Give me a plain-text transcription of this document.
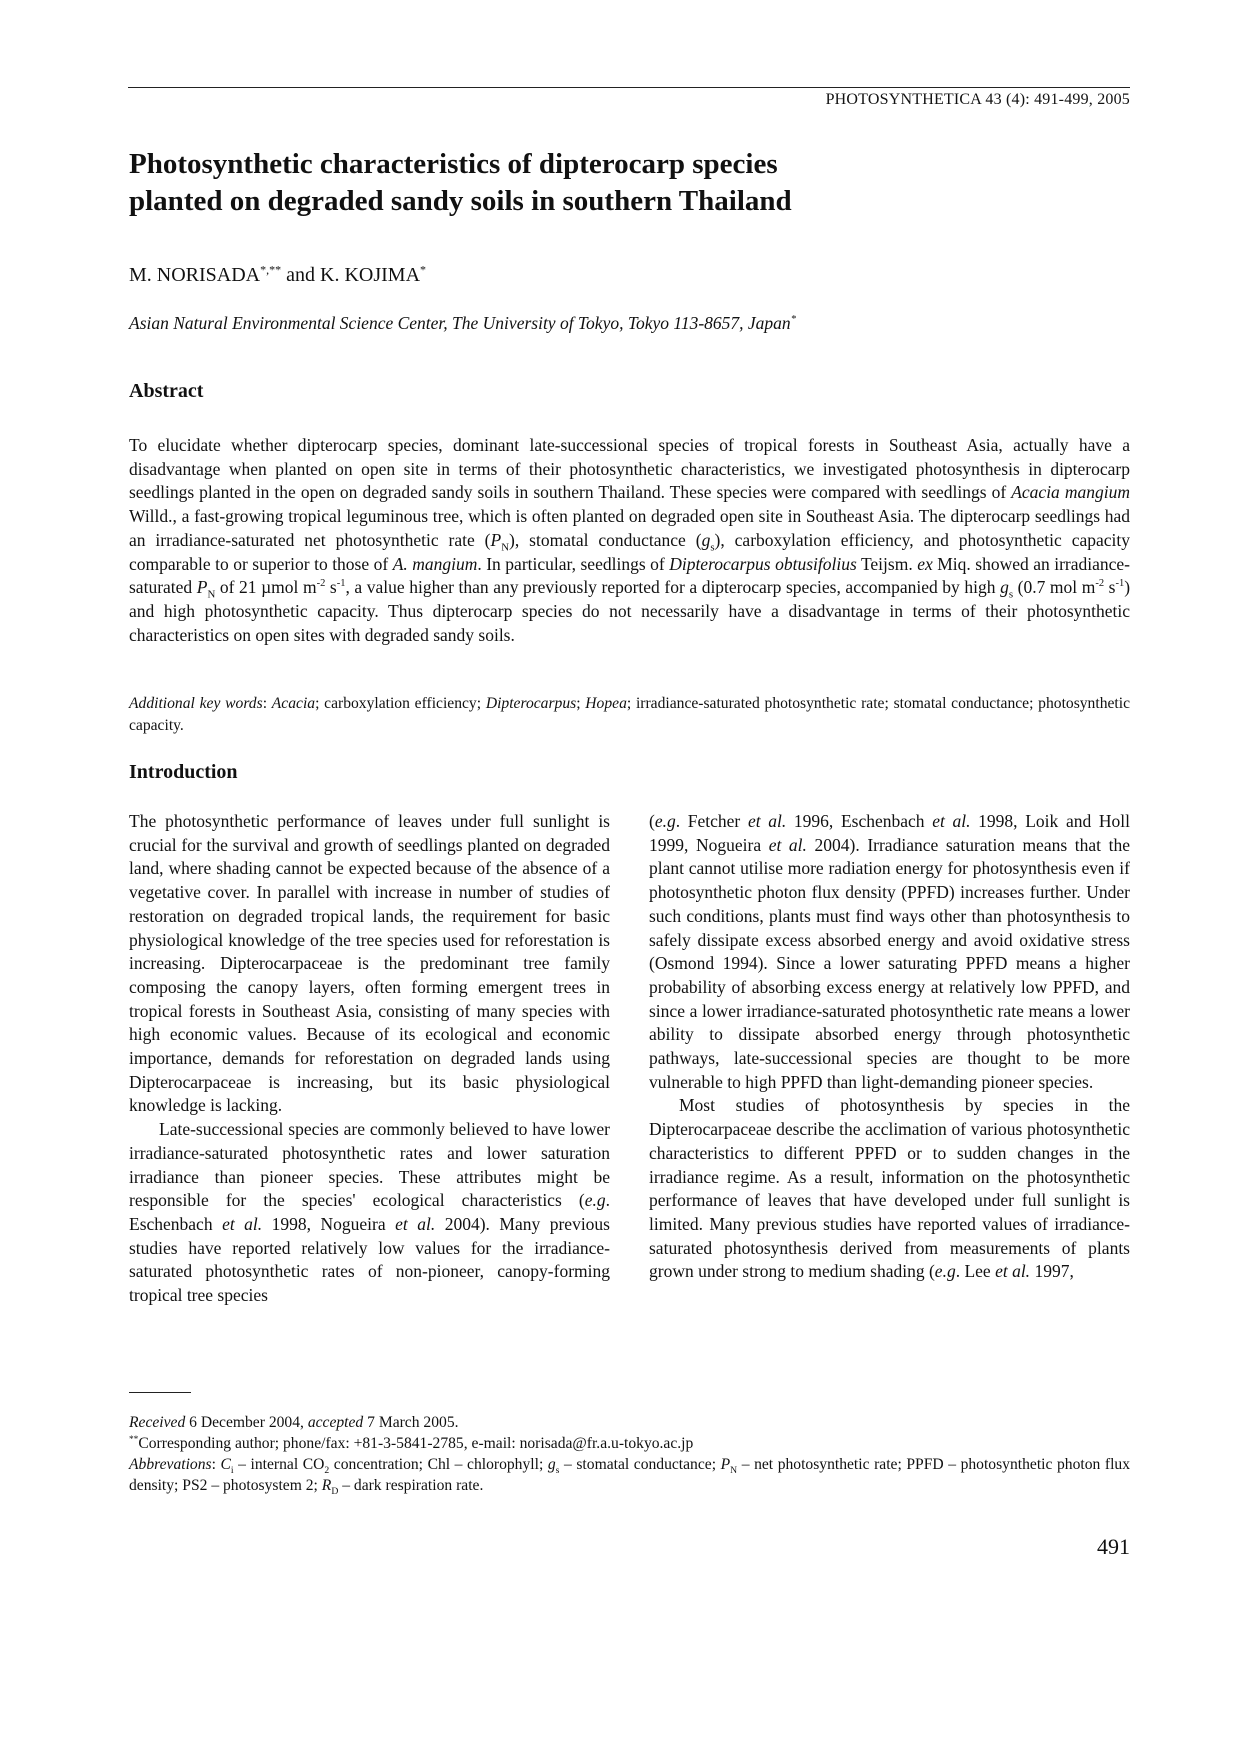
PHOTOSYNTHETICA 43 (4): 491-499, 2005
Photosynthetic characteristics of dipterocarp species
planted on degraded sandy soils in southern Thailand
M. NORISADA*,** and K. KOJIMA*
Asian Natural Environmental Science Center, The University of Tokyo, Tokyo 113-8657, Japan*
Abstract

To elucidate whether dipterocarp species, dominant late-successional species of tropical forests in Southeast Asia, actually have a disadvantage when planted on open site in terms of their photosynthetic characteristics, we investigated photosynthesis in dipterocarp seedlings planted in the open on degraded sandy soils in southern Thailand. These species were compared with seedlings of Acacia mangium Willd., a fast-growing tropical leguminous tree, which is often planted on degraded open site in Southeast Asia. The dipterocarp seedlings had an irradiance-saturated net photosynthetic rate $(P_N)$, stomatal conductance $(g_s)$, carboxylation efficiency, and photosynthetic capacity comparable to or superior to those of A. mangium. In particular, seedlings of Dipterocarpus obtusifolius Teijsm. ex Miq. showed an irradiance-saturated $P_N$ of 21 µmol $m^{-2}$ $s^{-1}$, a value higher than any previously reported for a dipterocarp species, accompanied by high $g_s$ (0.7 mol $m^{-2}$ $s^{-1}$) and high photosynthetic capacity. Thus dipterocarp species do not necessarily have a disadvantage in terms of their photosynthetic characteristics on open sites with degraded sandy soils.

Additional key words: Acacia; carboxylation efficiency; Dipterocarpus; Hopea; irradiance-saturated photosynthetic rate; stomatal conductance; photosynthetic capacity.

Introduction

The photosynthetic performance of leaves under full sunlight is crucial for the survival and growth of seedlings planted on degraded land, where shading cannot be expected because of the absence of a vegetative cover. In parallel with increase in number of studies of restoration on degraded tropical lands, the requirement for basic physiological knowledge of the tree species used for reforestation is increasing. Dipterocarpaceae is the predominant tree family composing the canopy layers, often forming emergent trees in tropical forests in Southeast Asia, consisting of many species with high economic values. Because of its ecological and economic importance, demands for reforestation on degraded lands using Dipterocarpaceae is increasing, but its basic physiological knowledge is lacking.

Late-successional species are commonly believed to have lower irradiance-saturated photosynthetic rates and lower saturation irradiance than pioneer species. These attributes might be responsible for the species' ecological characteristics (e.g. Eschenbach et al. 1998, Nogueira et al. 2004). Many previous studies have reported relatively low values for the irradiance-saturated photosynthetic rates of non-pioneer, canopy-forming tropical tree species

(e.g. Fetcher et al. 1996, Eschenbach et al. 1998, Loik and Holl 1999, Nogueira et al. 2004). Irradiance saturation means that the plant cannot utilise more radiation energy for photosynthesis even if photosynthetic photon flux density (PPFD) increases further. Under such conditions, plants must find ways other than photosynthesis to safely dissipate excess absorbed energy and avoid oxidative stress (Osmond 1994). Since a lower saturating PPFD means a higher probability of absorbing excess energy at relatively low PPFD, and since a lower irradiance-saturated photosynthetic rate means a lower ability to dissipate absorbed energy through photosynthetic pathways, late-successional species are thought to be more vulnerable to high PPFD than light-demanding pioneer species.

Most studies of photosynthesis by species in the Dipterocarpaceae describe the acclimation of various photosynthetic characteristics to different PPFD or to sudden changes in the irradiance regime. As a result, information on the photosynthetic performance of leaves that have developed under full sunlight is limited. Many previous studies have reported values of irradiance-saturated photosynthesis derived from measurements of plants grown under strong to medium shading (e.g. Lee et al. 1997,

Received 6 December 2004, accepted 7 March 2005.

**Corresponding author; phone/fax: +81-3-5841-2785, e-mail: norisada@fr.a.u-tokyo.ac.jp

Abbrevations: $C_i$ – internal $CO_2$ concentration; Chl – chlorophyll; $g_s$ – stomatal conductance; $P_N$ – net photosynthetic rate; PPFD – photosynthetic photon flux density; PS2 – photosystem 2; $R_D$ – dark respiration rate.

491
